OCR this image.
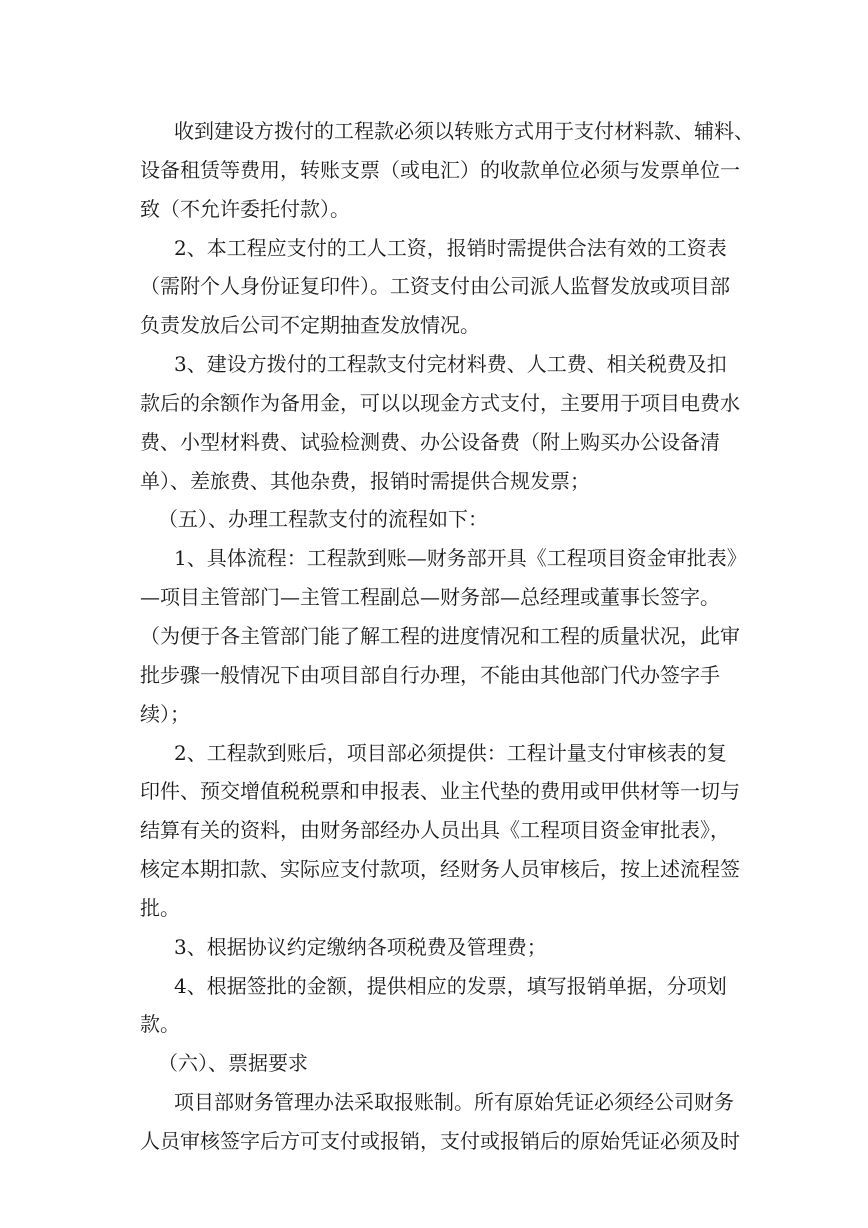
收到建设方拨付的工程款必须以转账方式用于支付材料款、辅料、
设备租赁等费用，转账支票（或电汇）的收款单位必须与发票单位一
致（不允许委托付款）。
2、本工程应支付的工人工资，报销时需提供合法有效的工资表
（需附个人身份证复印件）。工资支付由公司派人监督发放或项目部
负责发放后公司不定期抽查发放情况。
3、建设方拨付的工程款支付完材料费、人工费、相关税费及扣
款后的余额作为备用金，可以以现金方式支付，主要用于项目电费水
费、小型材料费、试验检测费、办公设备费（附上购买办公设备清
单）、差旅费、其他杂费，报销时需提供合规发票；
（五）、办理工程款支付的流程如下：
1、具体流程：工程款到账—财务部开具《工程项目资金审批表》
—项目主管部门—主管工程副总—财务部—总经理或董事长签字。
（为便于各主管部门能了解工程的进度情况和工程的质量状况，此审
批步骤一般情况下由项目部自行办理，不能由其他部门代办签字手
续）；
2、工程款到账后，项目部必须提供：工程计量支付审核表的复
印件、预交增值税税票和申报表、业主代垫的费用或甲供材等一切与
结算有关的资料，由财务部经办人员出具《工程项目资金审批表》，
核定本期扣款、实际应支付款项，经财务人员审核后，按上述流程签
批。
3、根据协议约定缴纳各项税费及管理费；
4、根据签批的金额，提供相应的发票，填写报销单据，分项划
款。
（六）、票据要求
项目部财务管理办法采取报账制。所有原始凭证必须经公司财务
人员审核签字后方可支付或报销，支付或报销后的原始凭证必须及时
